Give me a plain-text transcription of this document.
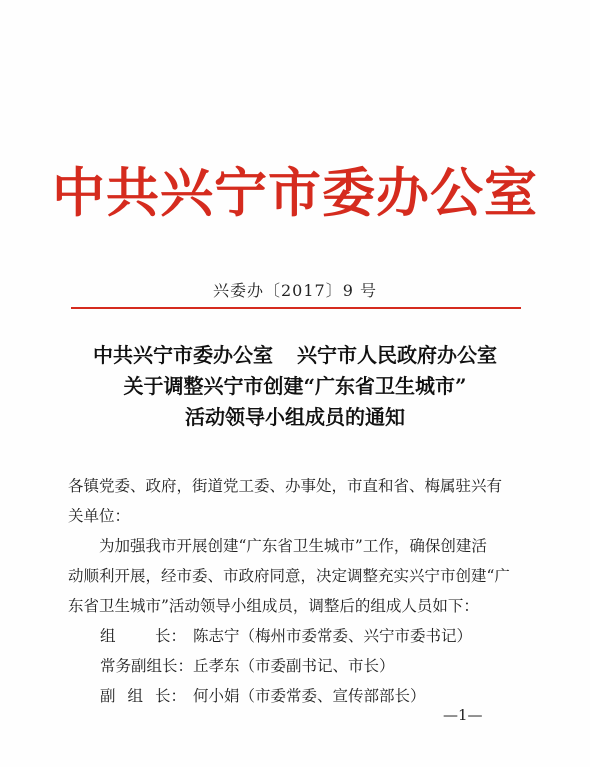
中共兴宁市委办公室
兴委办〔2017〕9 号
中共兴宁市委办公室 兴宁市人民政府办公室
关于调整兴宁市创建“广东省卫生城市”
活动领导小组成员的通知
各镇党委、政府，街道党工委、办事处，市直和省、梅属驻兴有
关单位：
为加强我市开展创建“广东省卫生城市”工作，确保创建活
动顺利开展，经市委、市政府同意，决定调整充实兴宁市创建“广
东省卫生城市”活动领导小组成员，调整后的组成人员如下：
组	长： 陈志宁（梅州市委常委、兴宁市委书记）
常务副组长：丘孝东（市委副书记、市长）
副 组 长： 何小娟（市委常委、宣传部部长）
—1—
